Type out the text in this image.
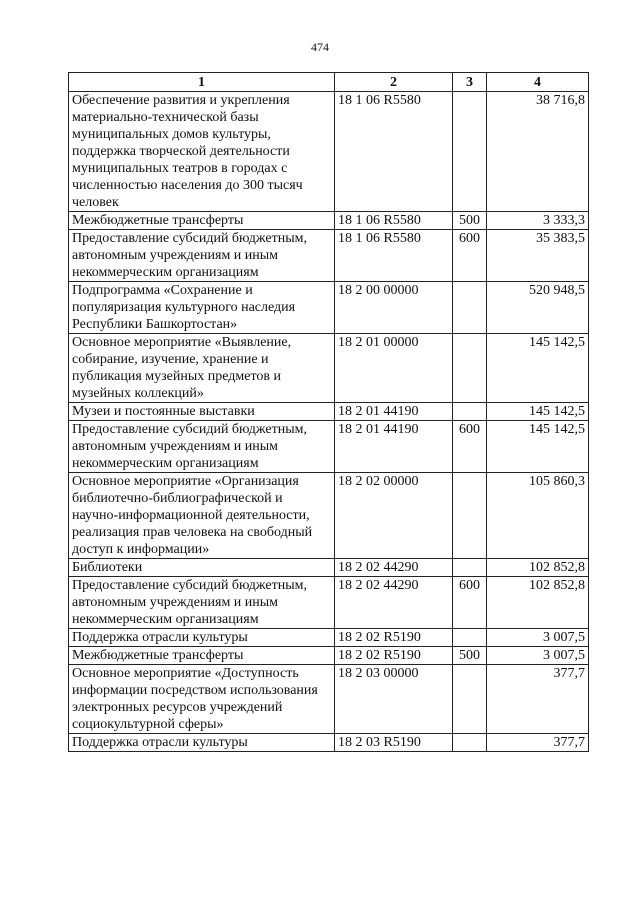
474
1	2	3	4
Обеспечение развития и укрепления материально-технической базы муниципальных домов культуры, поддержка творческой деятельности муниципальных театров в городах с численностью населения до 300 тысяч человек	18 1 06 R5580		38 716,8
Межбюджетные трансферты	18 1 06 R5580	500	3 333,3
Предоставление субсидий бюджетным, автономным учреждениям и иным некоммерческим организациям	18 1 06 R5580	600	35 383,5
Подпрограмма «Сохранение и популяризация культурного наследия Республики Башкортостан»	18 2 00 00000		520 948,5
Основное мероприятие «Выявление, собирание, изучение, хранение и публикация музейных предметов и музейных коллекций»	18 2 01 00000		145 142,5
Музеи и постоянные выставки	18 2 01 44190		145 142,5
Предоставление субсидий бюджетным, автономным учреждениям и иным некоммерческим организациям	18 2 01 44190	600	145 142,5
Основное мероприятие «Организация библиотечно-библиографической и научно-информационной деятельности, реализация прав человека на свободный доступ к информации»	18 2 02 00000		105 860,3
Библиотеки	18 2 02 44290		102 852,8
Предоставление субсидий бюджетным, автономным учреждениям и иным некоммерческим организациям	18 2 02 44290	600	102 852,8
Поддержка отрасли культуры	18 2 02 R5190		3 007,5
Межбюджетные трансферты	18 2 02 R5190	500	3 007,5
Основное мероприятие «Доступность информации посредством использования электронных ресурсов учреждений социокультурной сферы»	18 2 03 00000		377,7
Поддержка отрасли культуры	18 2 03 R5190		377,7
